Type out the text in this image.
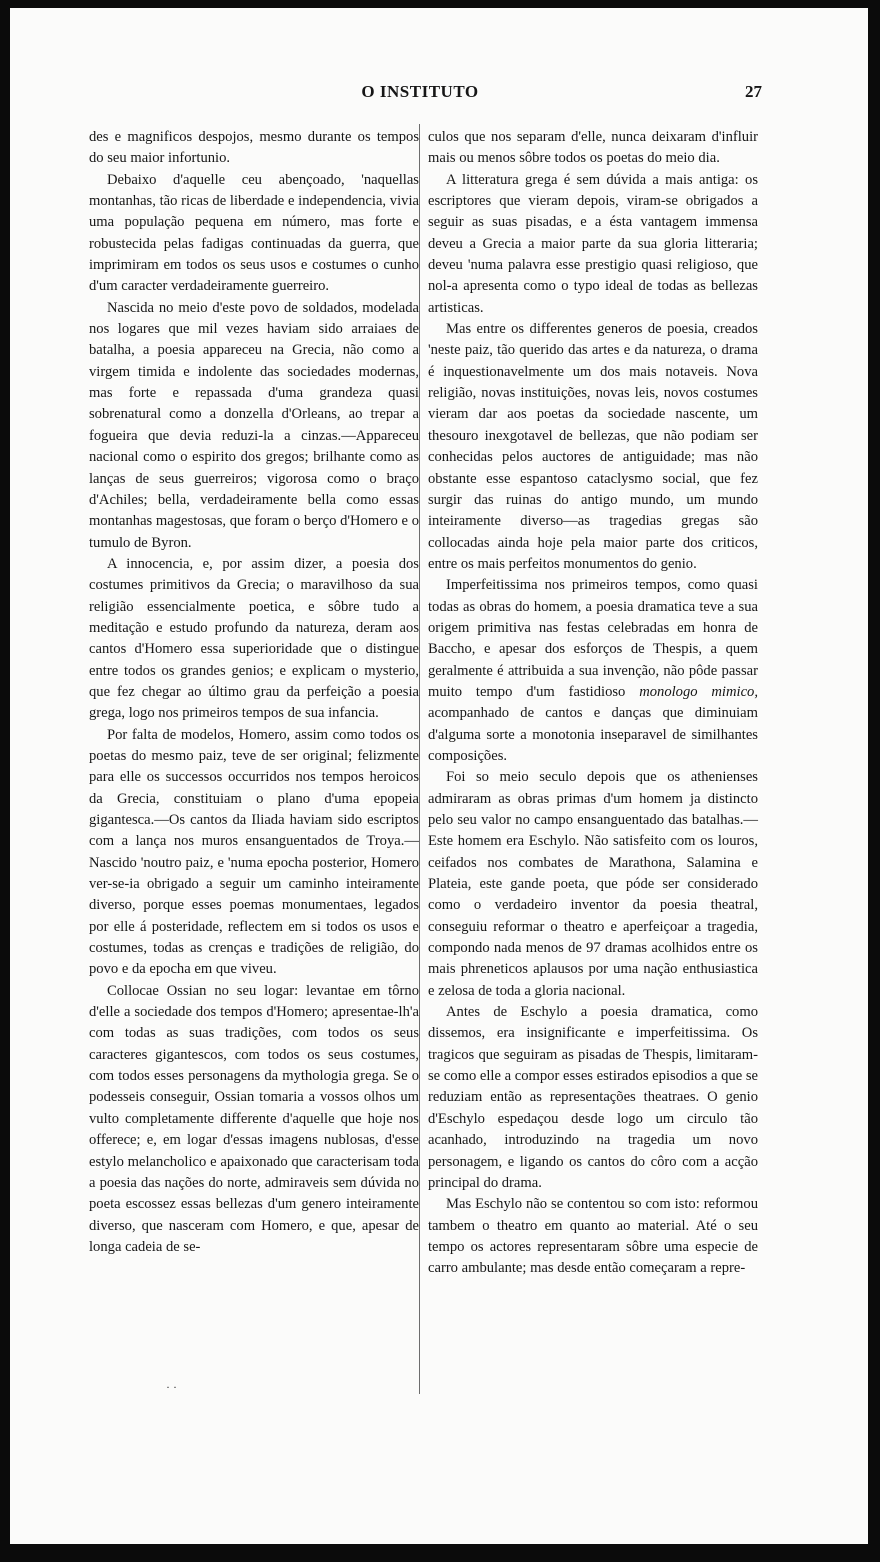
O INSTITUTO	27

des e magnificos despojos, mesmo durante os tempos do seu maior infortunio.

Debaixo d'aquelle ceu abençoado, 'naquellas montanhas, tão ricas de liberdade e independencia, vivia uma população pequena em número, mas forte e robustecida pelas fadigas continuadas da guerra, que imprimiram em todos os seus usos e costumes o cunho d'um caracter verdadeiramente guerreiro.

Nascida no meio d'este povo de soldados, modelada nos logares que mil vezes haviam sido arraiaes de batalha, a poesia appareceu na Grecia, não como a virgem timida e indolente das sociedades modernas, mas forte e repassada d'uma grandeza quasi sobrenatural como a donzella d'Orleans, ao trepar a fogueira que devia reduzi-la a cinzas.—Appareceu nacional como o espirito dos gregos; brilhante como as lanças de seus guerreiros; vigorosa como o braço d'Achiles; bella, verdadeiramente bella como essas montanhas magestosas, que foram o berço d'Homero e o tumulo de Byron.

A innocencia, e, por assim dizer, a poesia dos costumes primitivos da Grecia; o maravilhoso da sua religião essencialmente poetica, e sôbre tudo a meditação e estudo profundo da natureza, deram aos cantos d'Homero essa superioridade que o distingue entre todos os grandes genios; e explicam o mysterio, que fez chegar ao último grau da perfeição a poesia grega, logo nos primeiros tempos de sua infancia.

Por falta de modelos, Homero, assim como todos os poetas do mesmo paiz, teve de ser original; felizmente para elle os successos occurridos nos tempos heroicos da Grecia, constituiam o plano d'uma epopeia gigantesca.—Os cantos da Iliada haviam sido escriptos com a lança nos muros ensanguentados de Troya.—Nascido 'noutro paiz, e 'numa epocha posterior, Homero ver-se-ia obrigado a seguir um caminho inteiramente diverso, porque esses poemas monumentaes, legados por elle á posteridade, reflectem em si todos os usos e costumes, todas as crenças e tradições de religião, do povo e da epocha em que viveu.

Collocae Ossian no seu logar: levantae em tôrno d'elle a sociedade dos tempos d'Homero; apresentae-lh'a com todas as suas tradições, com todos os seus caracteres gigantescos, com todos os seus costumes, com todos esses personagens da mythologia grega. Se o podesseis conseguir, Ossian tomaria a vossos olhos um vulto completamente differente d'aquelle que hoje nos offerece; e, em logar d'essas imagens nublosas, d'esse estylo melancholico e apaixonado que caracterisam toda a poesia das nações do norte, admiraveis sem dúvida no poeta escossez essas bellezas d'um genero inteiramente diverso, que nasceram com Homero, e que, apesar de longa cadeia de se-

culos que nos separam d'elle, nunca deixaram d'influir mais ou menos sôbre todos os poetas do meio dia.

A litteratura grega é sem dúvida a mais antiga: os escriptores que vieram depois, viram-se obrigados a seguir as suas pisadas, e a ésta vantagem immensa deveu a Grecia a maior parte da sua gloria litteraria; deveu 'numa palavra esse prestigio quasi religioso, que nol-a apresenta como o typo ideal de todas as bellezas artisticas.

Mas entre os differentes generos de poesia, creados 'neste paiz, tão querido das artes e da natureza, o drama é inquestionavelmente um dos mais notaveis. Nova religião, novas instituições, novas leis, novos costumes vieram dar aos poetas da sociedade nascente, um thesouro inexgotavel de bellezas, que não podiam ser conhecidas pelos auctores de antiguidade; mas não obstante esse espantoso cataclysmo social, que fez surgir das ruinas do antigo mundo, um mundo inteiramente diverso—as tragedias gregas são collocadas ainda hoje pela maior parte dos criticos, entre os mais perfeitos monumentos do genio.

Imperfeitissima nos primeiros tempos, como quasi todas as obras do homem, a poesia dramatica teve a sua origem primitiva nas festas celebradas em honra de Baccho, e apesar dos esforços de Thespis, a quem geralmente é attribuida a sua invenção, não pôde passar muito tempo d'um fastidioso monologo mimico, acompanhado de cantos e danças que diminuiam d'alguma sorte a monotonia inseparavel de similhantes composições.

Foi so meio seculo depois que os athenienses admiraram as obras primas d'um homem ja distincto pelo seu valor no campo ensanguentado das batalhas.—Este homem era Eschylo. Não satisfeito com os louros, ceifados nos combates de Marathona, Salamina e Plateia, este gande poeta, que póde ser considerado como o verdadeiro inventor da poesia theatral, conseguiu reformar o theatro e aperfeiçoar a tragedia, compondo nada menos de 97 dramas acolhidos entre os mais phreneticos aplausos por uma nação enthusiastica e zelosa de toda a gloria nacional.

Antes de Eschylo a poesia dramatica, como dissemos, era insignificante e imperfeitissima. Os tragicos que seguiram as pisadas de Thespis, limitaram-se como elle a compor esses estirados episodios a que se reduziam então as representações theatraes. O genio d'Eschylo espedaçou desde logo um circulo tão acanhado, introduzindo na tragedia um novo personagem, e ligando os cantos do côro com a acção principal do drama.

Mas Eschylo não se contentou so com isto: reformou tambem o theatro em quanto ao material. Até o seu tempo os actores representaram sôbre uma especie de carro ambulante; mas desde então começaram a repre-

· ·
